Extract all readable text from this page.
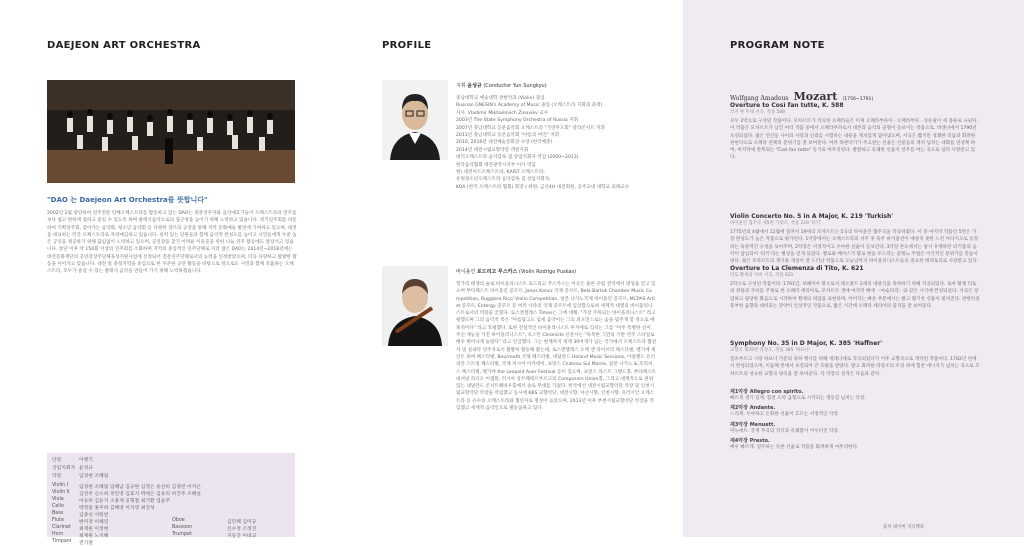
DAEJEON ART ORCHESTRA
"DAO 는 Daejeon Art Orchestra를 뜻합니다"
2002년 2월 창단하여 연주전문 단체오케스트라를 활동하고 있는 DAO는 전문연주자와 음악애호가들이 오케스트라의 연주를 보다 쉽고 편하게 접하고 즐길 수 있도록 하며 클래식음악으로의 접근성을 높이기 위해 노력하고 있습니다. 정기연주회를 비롯하여 기획연주회, 찾아가는 음악회, 청소년 음악회 등 다양한 장르의 공연을 통해 지역 문화예술 발전에 기여하고 있으며, 대전을 대표하는 민간 오케스트라로 자리매김하고 있습니다. 실력 있는 단원들과 함께 음악적 완성도를 높이고 시민들에게 수준 높은 공연을 제공하기 위해 끊임없이 노력하고 있으며, 공연장을 찾기 어려운 이웃들을 위한 나눔 연주 활동에도 앞장서고 있습니다. 창단 이후 약 150회 이상의 연주회를 소화하며 지역의 중심적인 연주단체로 자리 잡은 DAO는 2014년~2018년에는 대전문화재단의 공연장상주단체육성지원사업에 선정되어 전문연주단체로서의 능력을 인정받았으며, 더욱 다양하고 활발한 활동을 이어가고 있습니다. 대전 및 충청지역을 중심으로 한 꾸준한 공연 활동을 바탕으로 앞으로도 시민과 함께 호흡하는 오케스트라, 모두가 즐길 수 있는 클래식 음악을 만들어 가기 위해 노력하겠습니다.
단장	이병기
상임지휘자 윤성규
악장	임경현 조혜림
Violin I 임경현 조혜림 임해남 김규현 김정은 송선희 김경빈 이지은
Violin II 김연주 신소희 정민영 김효지 박세은 김유리 허진주 조혜널
Viola	이승희 김윤지 조용재 공형철 최기환 염윤주
Cello	박정일 홍주희 김혜영 이지영 최진성
Bass	김종선 서원빈
Flute	변미정 이혜연
Clarinet 최재원 이정현
Horn	최재원 노지혜
Timpani 전기철
Oboe	김민혜 김미규
Bassoon	신수정 조정진
Trumpet	지동진 이대교
PROFILE
지휘 윤성규 (Conductor Yun Sungkyu)
충남대학교 예술대학 관현악과 (Violin) 졸업
Russian GNESIN's Academy of Music 졸업 (오케스트라 지휘과 과정)
사사. Vladimir Mikhailovich Zinoviev 교수
2003년 The State Symphony Orchestra of Russia 지휘
2007년 충남대학교 동문음악회 오케스트라 "가면무도회" 갈라콘서트 지휘
2011년 충남대학교 동문음악회 "아를의 여인" 지휘
2010, 2016년 대전예술문화상 수상 (한국예총)
2014년 대전시립교향악단 객원지휘
대덕오케스트라 음악감독 겸 상임지휘자 역임 (2000~2013)
한국음악협회 대전광역시지부 이사 역임
현) 대전아트오케스트라, KAIST 오케스트라,
유원청소년오케스트라 음악감독 겸 상임지휘자,
KOA (한국 오케스트라 협회) 회장 / 위원: 금산4H 대전회원, 공주교대 대학교 외래교수
바이올린 로드리고 푸스카스 (Violin Rodrigo Puskas)
헝가리 태생의 슬로 바이올리니스트 로드리고 푸스카스는 이곳은 물론 유럽 전역에서 명성을 얻고 있으며 부다페스트 바이올린 콩쿠르, Janos Koncz 국제 콩쿠르, Bela Bartok Chamber Music Competition, Ruggiero Ricci Violin Competition, 일본 나가노국제 바이올린 콩쿠르, MCPAS Artist 콩쿠르, Entergy 콩쿠르 등 여러 나라의 국제 콩쿠르에 입상함으로써 세계적 대열의 바이올리니스트로서의 역량을 굳혔다. 로스앤젤레스 Times는 그에 대해, "가장 주목되는 바이올리니스트" 라고 평했으며 그의 음악적 특은 "아름답고도 섬세 음악이는 그의 퍼포먼스로는 숨을 멈추게 할 정도로 매혹적이다" 라고 호평했다. 또한 전설적인 바이올리니스트 루지에로 리치는 그를 "이주 특별한 신이 주신 재능을 가진 바이올리니스트", 초스턴 Chronicle 신문사는 "독특한 그만의 기반 연주 스타일로 매우 뛰어나게 놀랐다" 라고 언급했다. 그는 현재까지 세계 30여개가 넘는 국가에서 오케스트라 협연자 및 실내악 연주자로서 활발히 활동해 왔는데, 로스앤젤레스 오케 앤 라이브리 페스티벌, 벨기에 세인트 휴버 페스티벌, Beurreuth 국제 페스티벌, 네덜란드 Holand Music Sessions, 아일랜드 유러피안 스트링 페스티벌, 국제 커시어 아카데미, 프랑스 Chateau Sul Marne, 일본 나가노 & 모리셔스 페스티벌, 펜가야 the Leopold Auer Festival 등이 있으며, 프랑스 라스트 그랜드홀, 부다페스트 내셔널 라디오 어셈블, 러시아 상트페테르부르크의 Composers Union홀, 그리고 세계적으로 권위있는 네덜란드 콘서트헤바우홀에서 솔로 무대를 가졌다. 한국에선 대전시립교향악단 악장 및 인천시립교향악단 악장을 역임했고 동시에 KBS 교향악단, 대전시향, 아산시향, 인천시향, 유러시안 오케스트라 등 유수의 오케스트라와 협연자로 명성이 높았으며, 2013년 이후 부천시립교향악단 악장을 역임했고 세계적 음악인으로 발돋움하고 있다.
PROGRAM NOTE
Wolfgang Amadeus Mozart (1756~1791)
Overture to Così fan tutte, K. 588
코지 판 뚜테 서곡, 작품 588
모두 2막으로 구성된 작품이다. 모차르트가 작곡한 오페라들은 이제 오페라부파이 · 오페라부파 · 징슈필이 세 종류로 나뉜다. 이 작품은 모차르트가 남긴 여러 작품 중에서 오페라부파로서 대본과 음악의 균형이 돋보이는 작품으로, 비엔나에서 1790년 초연되었다. 젊은 연인들 사이의 사랑과 신뢰를 시험하는 내용을 재치있게 담아냈으며, 서곡은 짧지만 경쾌한 리듬과 화려한 관현악으로 오페라 전체의 분위기를 잘 보여준다. 여러 목관악기가 주고받는 선율은 인물들의 재치 넘치는 대화를 연상케 하며, 마지막에 반복되는 "Così fan tutte" 동기로 마무리된다. 발랄하고 유쾌한 선율이 연주를 여는 곡으로 널리 사랑받고 있다.
Violin Concerto No. 5 in A Major, K. 219 'Turkish'
바이올린 협주곡 제5번 가장조, 작품 219 '터키'
1775년의 4월에서 12월에 걸쳐서 19세의 모차르트는 5곡의 바이올린 협주곡을 작곡하였다. 이 중 마지막 작품인 5번은 가장 완성도가 높은 작품으로 평가된다. 1악장에서는 오케스트라의 서주 후 독주 바이올린이 예상치 못한 느린 아다지오로 등장하는 독창적인 구성을 보여주며, 2악장은 서정적이고 우아한 선율이 돋보인다. 3악장 론도에서는 당시 유행하던 터키풍의 음악이 삽입되어 '터키'라는 별칭을 얻게 되었다. 첼로와 베이스가 활로 현을 두드리는 콜레뇨 주법은 이국적인 분위기를 만들어 낸다. 젊은 모차르트의 재기와 개성이 잘 드러난 작품으로 오늘날까지 바이올리니스트들의 중요한 레퍼토리로 사랑받고 있다.
Overture to La Clemenza di Tito, K. 621
티토 황제의 자비 서곡, 작품 621
2막으로 구성된 작품이다. 1791년, 보헤미아 왕으로서 레오폴트 2세의 대관식을 축하하기 위해 작곡되었다. 로마 황제 티토의 관용과 자비를 주제로 한 오페라 세리아로, 모차르트 생애 마지막 해에 〈마술피리〉와 같은 시기에 완성되었다. 서곡은 장엄하고 당당한 화음으로 시작하여 황제의 위엄을 표현하며, 이어지는 빠른 부분에서는 밝고 활기찬 선율이 펼쳐진다. 관현악의 풍부한 음향과 대비되는 강약이 인상적인 작품으로, 짧은 시간에 오페라 세리아의 품격을 잘 보여준다.
Symphony No. 35 in D Major, K. 385 'Haffner'
교향곡 제35번 라장조, 작품 385 '하프너'
잘츠부르크 시장 하프너 가문의 축하 행사를 위해 세레나데로 작곡되었다가 이후 교향곡으로 개작된 작품이다. 1782년 빈에서 완성되었으며, 이듬해 빈에서 초연되어 큰 호평을 받았다. 밝고 화려한 라장조의 조성 위에 힘찬 에너지가 넘치는 곡으로 모차르트의 성숙한 교향곡 양식을 잘 보여준다. 각 악장의 성격은 다음과 같다.
제1악장 Allegro con spirito.
빠르게 생기 있게. 힘찬 도약 음형으로 시작되는 생동감 넘치는 악장.
제2악장 Andante.
느리게. 우아하고 온화한 선율이 흐르는 서정적인 악장.
제3악장 Menuett.
미뉴에트. 궁정 무곡의 격식과 유쾌함이 어우러진 악장.
제4악장 Presto.
매우 빠르게. 질주하는 듯한 선율로 작품을 화려하게 마무리한다.
출처 네이버 지식백과
